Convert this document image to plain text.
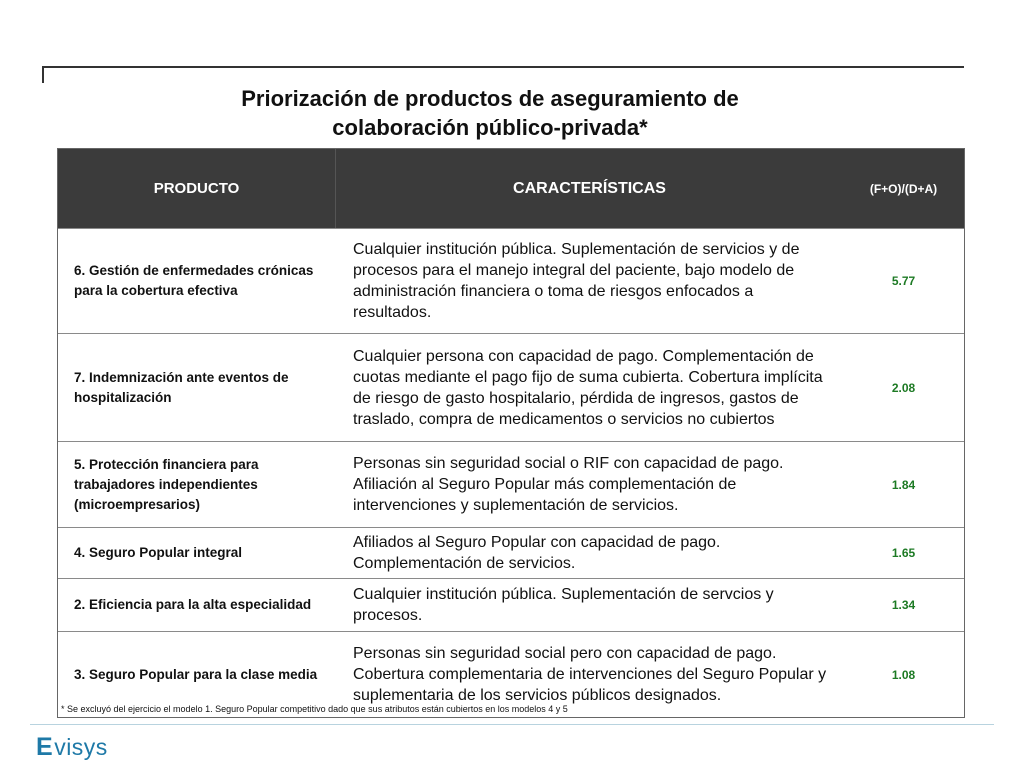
Priorización de productos de aseguramiento de
colaboración público-privada*
PRODUCTO	CARACTERÍSTICAS	(F+O)/(D+A)
6. Gestión de enfermedades crónicas para la cobertura efectiva
Cualquier institución pública. Suplementación de servicios y de procesos para el manejo integral del paciente, bajo modelo de administración financiera o toma de riesgos enfocados a resultados.
5.77
7. Indemnización ante eventos de hospitalización
Cualquier persona con capacidad de pago. Complementación de cuotas mediante el pago fijo de suma cubierta. Cobertura implícita de riesgo de gasto hospitalario, pérdida de ingresos, gastos de traslado, compra de medicamentos o servicios no cubiertos
2.08
5. Protección financiera para trabajadores independientes (microempresarios)
Personas sin seguridad social o RIF con capacidad de pago. Afiliación al Seguro Popular más complementación de intervenciones y suplementación de servicios.
1.84
4. Seguro Popular integral
Afiliados al Seguro Popular con capacidad de pago. Complementación de servicios.
1.65
2. Eficiencia para la alta especialidad
Cualquier institución pública. Suplementación de servcios y procesos.
1.34
3. Seguro Popular para la clase media
Personas sin seguridad social pero con capacidad de pago. Cobertura complementaria de intervenciones del Seguro Popular y suplementaria de los servicios públicos designados.
1.08
* Se excluyó del ejercicio el modelo 1. Seguro Popular competitivo dado que sus atributos están cubiertos en los modelos 4 y 5
E visys
